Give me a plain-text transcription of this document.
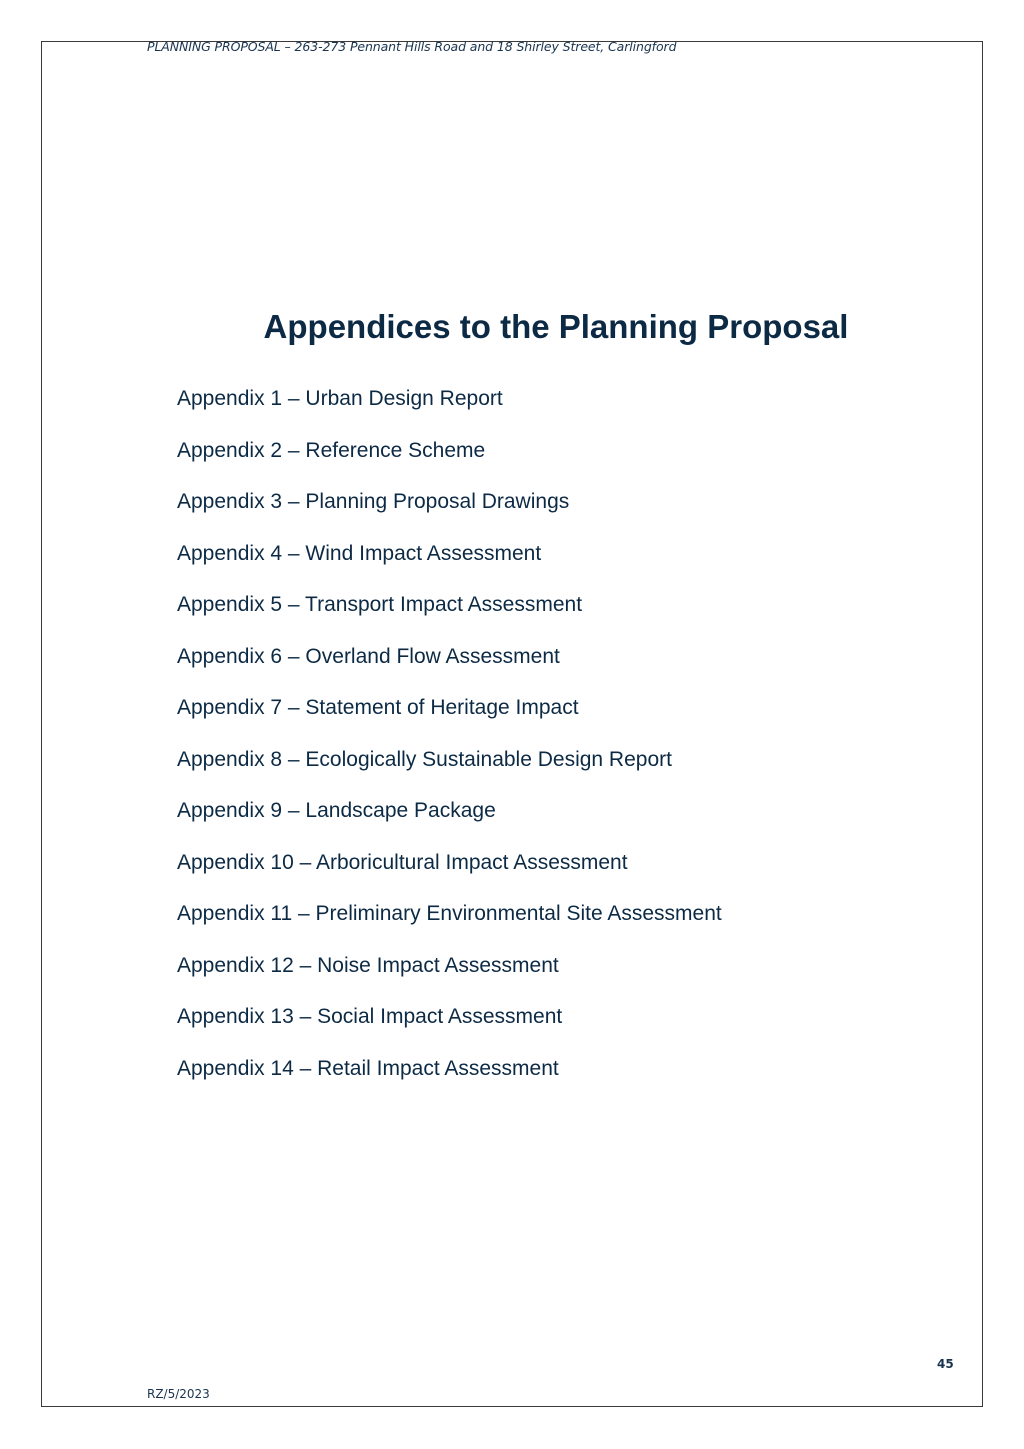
PLANNING PROPOSAL – 263-273 Pennant Hills Road and 18 Shirley Street, Carlingford
Appendices to the Planning Proposal
Appendix 1 – Urban Design Report
Appendix 2 – Reference Scheme
Appendix 3 – Planning Proposal Drawings
Appendix 4 – Wind Impact Assessment
Appendix 5 – Transport Impact Assessment
Appendix 6 – Overland Flow Assessment
Appendix 7 – Statement of Heritage Impact
Appendix 8 – Ecologically Sustainable Design Report
Appendix 9 – Landscape Package
Appendix 10 – Arboricultural Impact Assessment
Appendix 11 – Preliminary Environmental Site Assessment
Appendix 12 – Noise Impact Assessment
Appendix 13 – Social Impact Assessment
Appendix 14 – Retail Impact Assessment
45
RZ/5/2023
